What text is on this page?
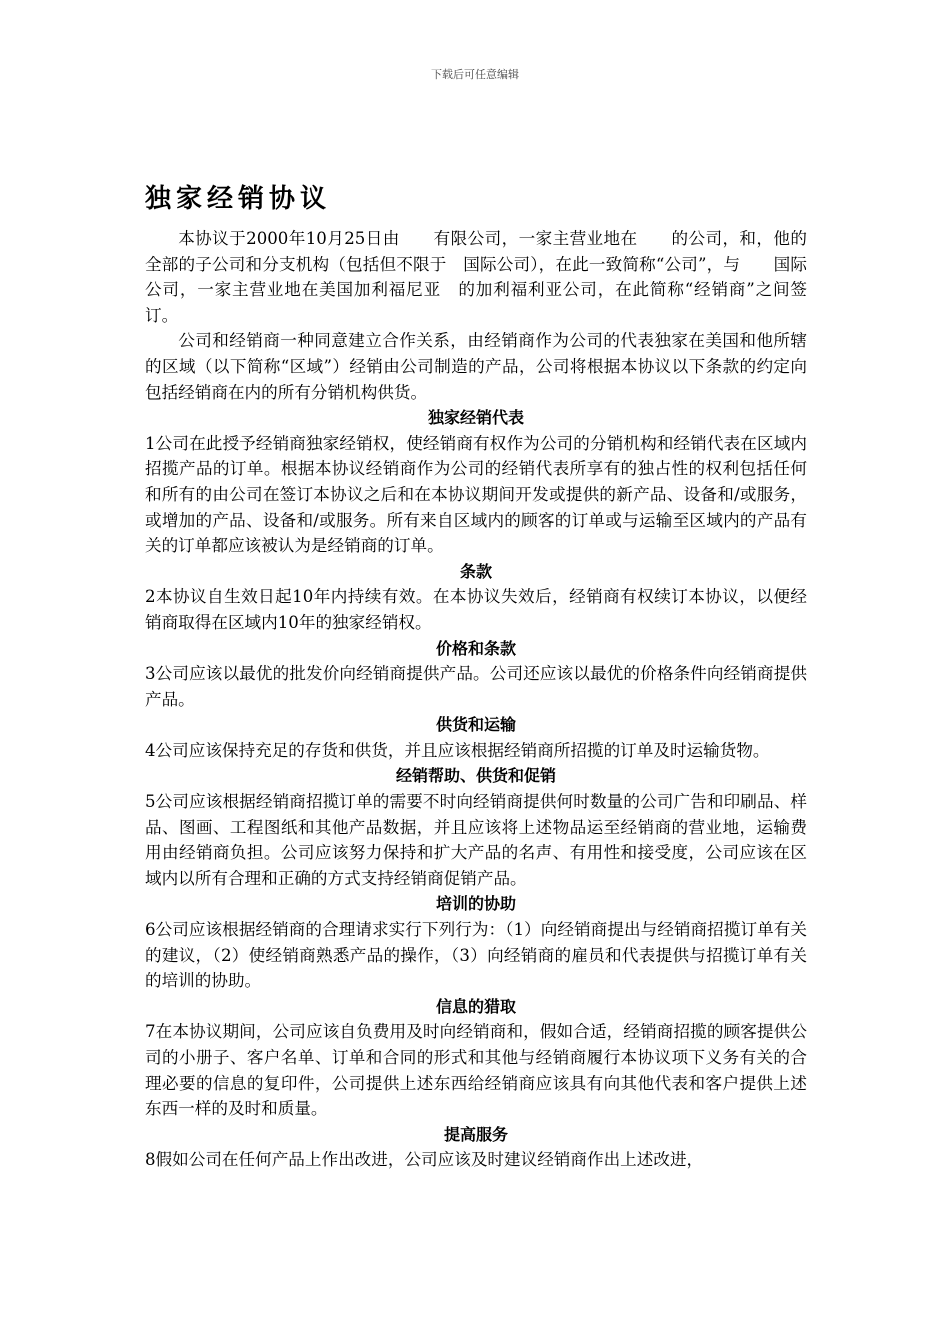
下载后可任意编辑
独家经销协议

本协议于2000年10月25日由　　有限公司，一家主营业地在　　的公司，和，他的全部的子公司和分支机构（包括但不限于　国际公司），在此一致简称“公司”，与　　国际公司，一家主营业地在美国加利福尼亚　的加利福利亚公司，在此简称“经销商”之间签订。

公司和经销商一种同意建立合作关系，由经销商作为公司的代表独家在美国和他所辖的区域（以下简称“区域”）经销由公司制造的产品，公司将根据本协议以下条款的约定向包括经销商在内的所有分销机构供货。

独家经销代表

1公司在此授予经销商独家经销权，使经销商有权作为公司的分销机构和经销代表在区域内招揽产品的订单。根据本协议经销商作为公司的经销代表所享有的独占性的权利包括任何和所有的由公司在签订本协议之后和在本协议期间开发或提供的新产品、设备和/或服务，或增加的产品、设备和/或服务。所有来自区域内的顾客的订单或与运输至区域内的产品有关的订单都应该被认为是经销商的订单。

条款

2本协议自生效日起10年内持续有效。在本协议失效后，经销商有权续订本协议，以便经销商取得在区域内10年的独家经销权。

价格和条款

3公司应该以最优的批发价向经销商提供产品。公司还应该以最优的价格条件向经销商提供产品。

供货和运输

4公司应该保持充足的存货和供货，并且应该根据经销商所招揽的订单及时运输货物。

经销帮助、供货和促销

5公司应该根据经销商招揽订单的需要不时向经销商提供何时数量的公司广告和印刷品、样品、图画、工程图纸和其他产品数据，并且应该将上述物品运至经销商的营业地，运输费用由经销商负担。公司应该努力保持和扩大产品的名声、有用性和接受度，公司应该在区域内以所有合理和正确的方式支持经销商促销产品。

培训的协助

6公司应该根据经销商的合理请求实行下列行为：（1）向经销商提出与经销商招揽订单有关的建议，（2）使经销商熟悉产品的操作，（3）向经销商的雇员和代表提供与招揽订单有关的培训的协助。

信息的猎取

7在本协议期间，公司应该自负费用及时向经销商和，假如合适，经销商招揽的顾客提供公司的小册子、客户名单、订单和合同的形式和其他与经销商履行本协议项下义务有关的合理必要的信息的复印件，公司提供上述东西给经销商应该具有向其他代表和客户提供上述东西一样的及时和质量。

提高服务

8假如公司在任何产品上作出改进，公司应该及时建议经销商作出上述改进，
